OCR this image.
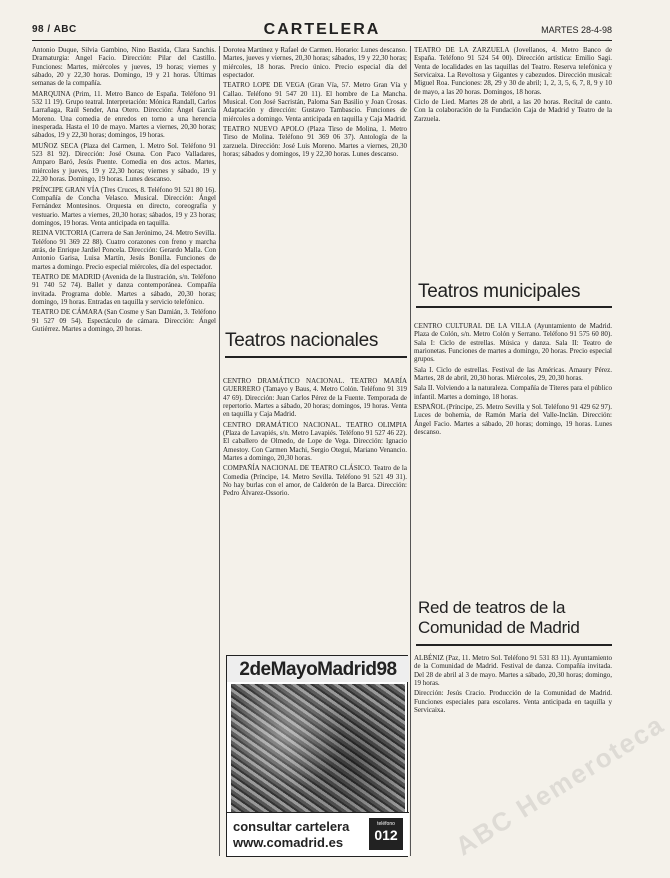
98 / ABC	CARTELERA	MARTES 28-4-98

Antonio Duque, Silvia Gambino, Nino Bastida, Clara Sanchis. Dramaturgia: Angel Facio. Dirección: Pilar del Castillo. Funciones: Martes, miércoles y jueves, 19 horas; viernes y sábado, 20 y 22,30 horas. Domingo, 19 y 21 horas. Últimas semanas de la compañía.

MARQUINA (Prim, 11. Metro Banco de España. Teléfono 91 532 11 19). Grupo teatral. Interpretación: Mónica Randall, Carlos Larrañaga, Raúl Sender, Ana Otero. Dirección: Ángel García Moreno. Una comedia de enredos en torno a una herencia inesperada. Hasta el 10 de mayo. Martes a viernes, 20,30 horas; sábados, 19 y 22,30 horas; domingos, 19 horas.

MUÑOZ SECA (Plaza del Carmen, 1. Metro Sol. Teléfono 91 523 81 92). Dirección: José Osuna. Con Paco Valladares, Amparo Baró, Jesús Puente. Comedia en dos actos. Martes, miércoles y jueves, 19 y 22,30 horas; viernes y sábado, 19 y 22,30 horas. Domingo, 19 horas. Lunes descanso.

PRÍNCIPE GRAN VÍA (Tres Cruces, 8. Teléfono 91 521 80 16). Compañía de Concha Velasco. Musical. Dirección: Ángel Fernández Montesinos. Orquesta en directo, coreografía y vestuario. Martes a viernes, 20,30 horas; sábados, 19 y 23 horas; domingos, 19 horas. Venta anticipada en taquilla.

REINA VICTORIA (Carrera de San Jerónimo, 24. Metro Sevilla. Teléfono 91 369 22 88). Cuatro corazones con freno y marcha atrás, de Enrique Jardiel Poncela. Dirección: Gerardo Malla. Con Antonio Garisa, Luisa Martín, Jesús Bonilla. Funciones de martes a domingo. Precio especial miércoles, día del espectador.

TEATRO DE MADRID (Avenida de la Ilustración, s/n. Teléfono 91 740 52 74). Ballet y danza contemporánea. Compañía invitada. Programa doble. Martes a sábado, 20,30 horas; domingo, 19 horas. Entradas en taquilla y servicio telefónico.

TEATRO DE CÁMARA (San Cosme y San Damián, 3. Teléfono 91 527 09 54). Espectáculo de cámara. Dirección: Ángel Gutiérrez. Martes a domingo, 20 horas.

Dorotea Martínez y Rafael de Carmen. Horario: Lunes descanso. Martes, jueves y viernes, 20,30 horas; sábados, 19 y 22,30 horas; miércoles, 18 horas. Precio único. Precio especial día del espectador.

TEATRO LOPE DE VEGA (Gran Vía, 57. Metro Gran Vía y Callao. Teléfono 91 547 20 11). El hombre de La Mancha. Musical. Con José Sacristán, Paloma San Basilio y Joan Crosas. Adaptación y dirección: Gustavo Tambascio. Funciones de miércoles a domingo. Venta anticipada en taquilla y Caja Madrid.

TEATRO NUEVO APOLO (Plaza Tirso de Molina, 1. Metro Tirso de Molina. Teléfono 91 369 06 37). Antología de la zarzuela. Dirección: José Luis Moreno. Martes a viernes, 20,30 horas; sábados y domingos, 19 y 22,30 horas. Lunes descanso.

Teatros nacionales

CENTRO DRAMÁTICO NACIONAL. TEATRO MARÍA GUERRERO (Tamayo y Baus, 4. Metro Colón. Teléfono 91 319 47 69). Dirección: Juan Carlos Pérez de la Fuente. Temporada de repertorio. Martes a sábado, 20 horas; domingos, 19 horas. Venta en taquilla y Caja Madrid.

CENTRO DRAMÁTICO NACIONAL. TEATRO OLIMPIA (Plaza de Lavapiés, s/n. Metro Lavapiés. Teléfono 91 527 46 22). El caballero de Olmedo, de Lope de Vega. Dirección: Ignacio Amestoy. Con Carmen Machi, Sergio Otegui, Mariano Venancio. Martes a domingo, 20,30 horas.

COMPAÑÍA NACIONAL DE TEATRO CLÁSICO. Teatro de la Comedia (Príncipe, 14. Metro Sevilla. Teléfono 91 521 49 31). No hay burlas con el amor, de Calderón de la Barca. Dirección: Pedro Álvarez-Ossorio.

TEATRO DE LA ZARZUELA (Jovellanos, 4. Metro Banco de España. Teléfono 91 524 54 00). Dirección artística: Emilio Sagi. Venta de localidades en las taquillas del Teatro. Reserva telefónica y Servicaixa. La Revoltosa y Gigantes y cabezudos. Dirección musical: Miguel Roa. Funciones: 28, 29 y 30 de abril; 1, 2, 3, 5, 6, 7, 8, 9 y 10 de mayo, a las 20 horas. Domingos, 18 horas.

Ciclo de Lied. Martes 28 de abril, a las 20 horas. Recital de canto. Con la colaboración de la Fundación Caja de Madrid y Teatro de la Zarzuela.

Teatros municipales

CENTRO CULTURAL DE LA VILLA (Ayuntamiento de Madrid. Plaza de Colón, s/n. Metro Colón y Serrano. Teléfono 91 575 60 80). Sala I: Ciclo de estrellas. Música y danza. Sala II: Teatro de marionetas. Funciones de martes a domingo, 20 horas. Precio especial grupos.

Sala I. Ciclo de estrellas. Festival de las Américas. Amaury Pérez. Martes, 28 de abril, 20,30 horas. Miércoles, 29, 20,30 horas.

Sala II. Volviendo a la naturaleza. Compañía de Títeres para el público infantil. Martes a domingo, 18 horas.

ESPAÑOL (Príncipe, 25. Metro Sevilla y Sol. Teléfono 91 429 62 97). Luces de bohemia, de Ramón María del Valle-Inclán. Dirección: Ángel Facio. Martes a sábado, 20 horas; domingo, 19 horas. Lunes descanso.

Red de teatros de la Comunidad de Madrid

ALBÉNIZ (Paz, 11. Metro Sol. Teléfono 91 531 83 11). Ayuntamiento de la Comunidad de Madrid. Festival de danza. Compañía invitada. Del 28 de abril al 3 de mayo. Martes a sábado, 20,30 horas; domingo, 19 horas.

Dirección: Jesús Cracio. Producción de la Comunidad de Madrid. Funciones especiales para escolares. Venta anticipada en taquilla y Servicaixa.

2deMayoMadrid98
consultar cartelera
www.comadrid.es
teléfono
012 ABC Hemeroteca
